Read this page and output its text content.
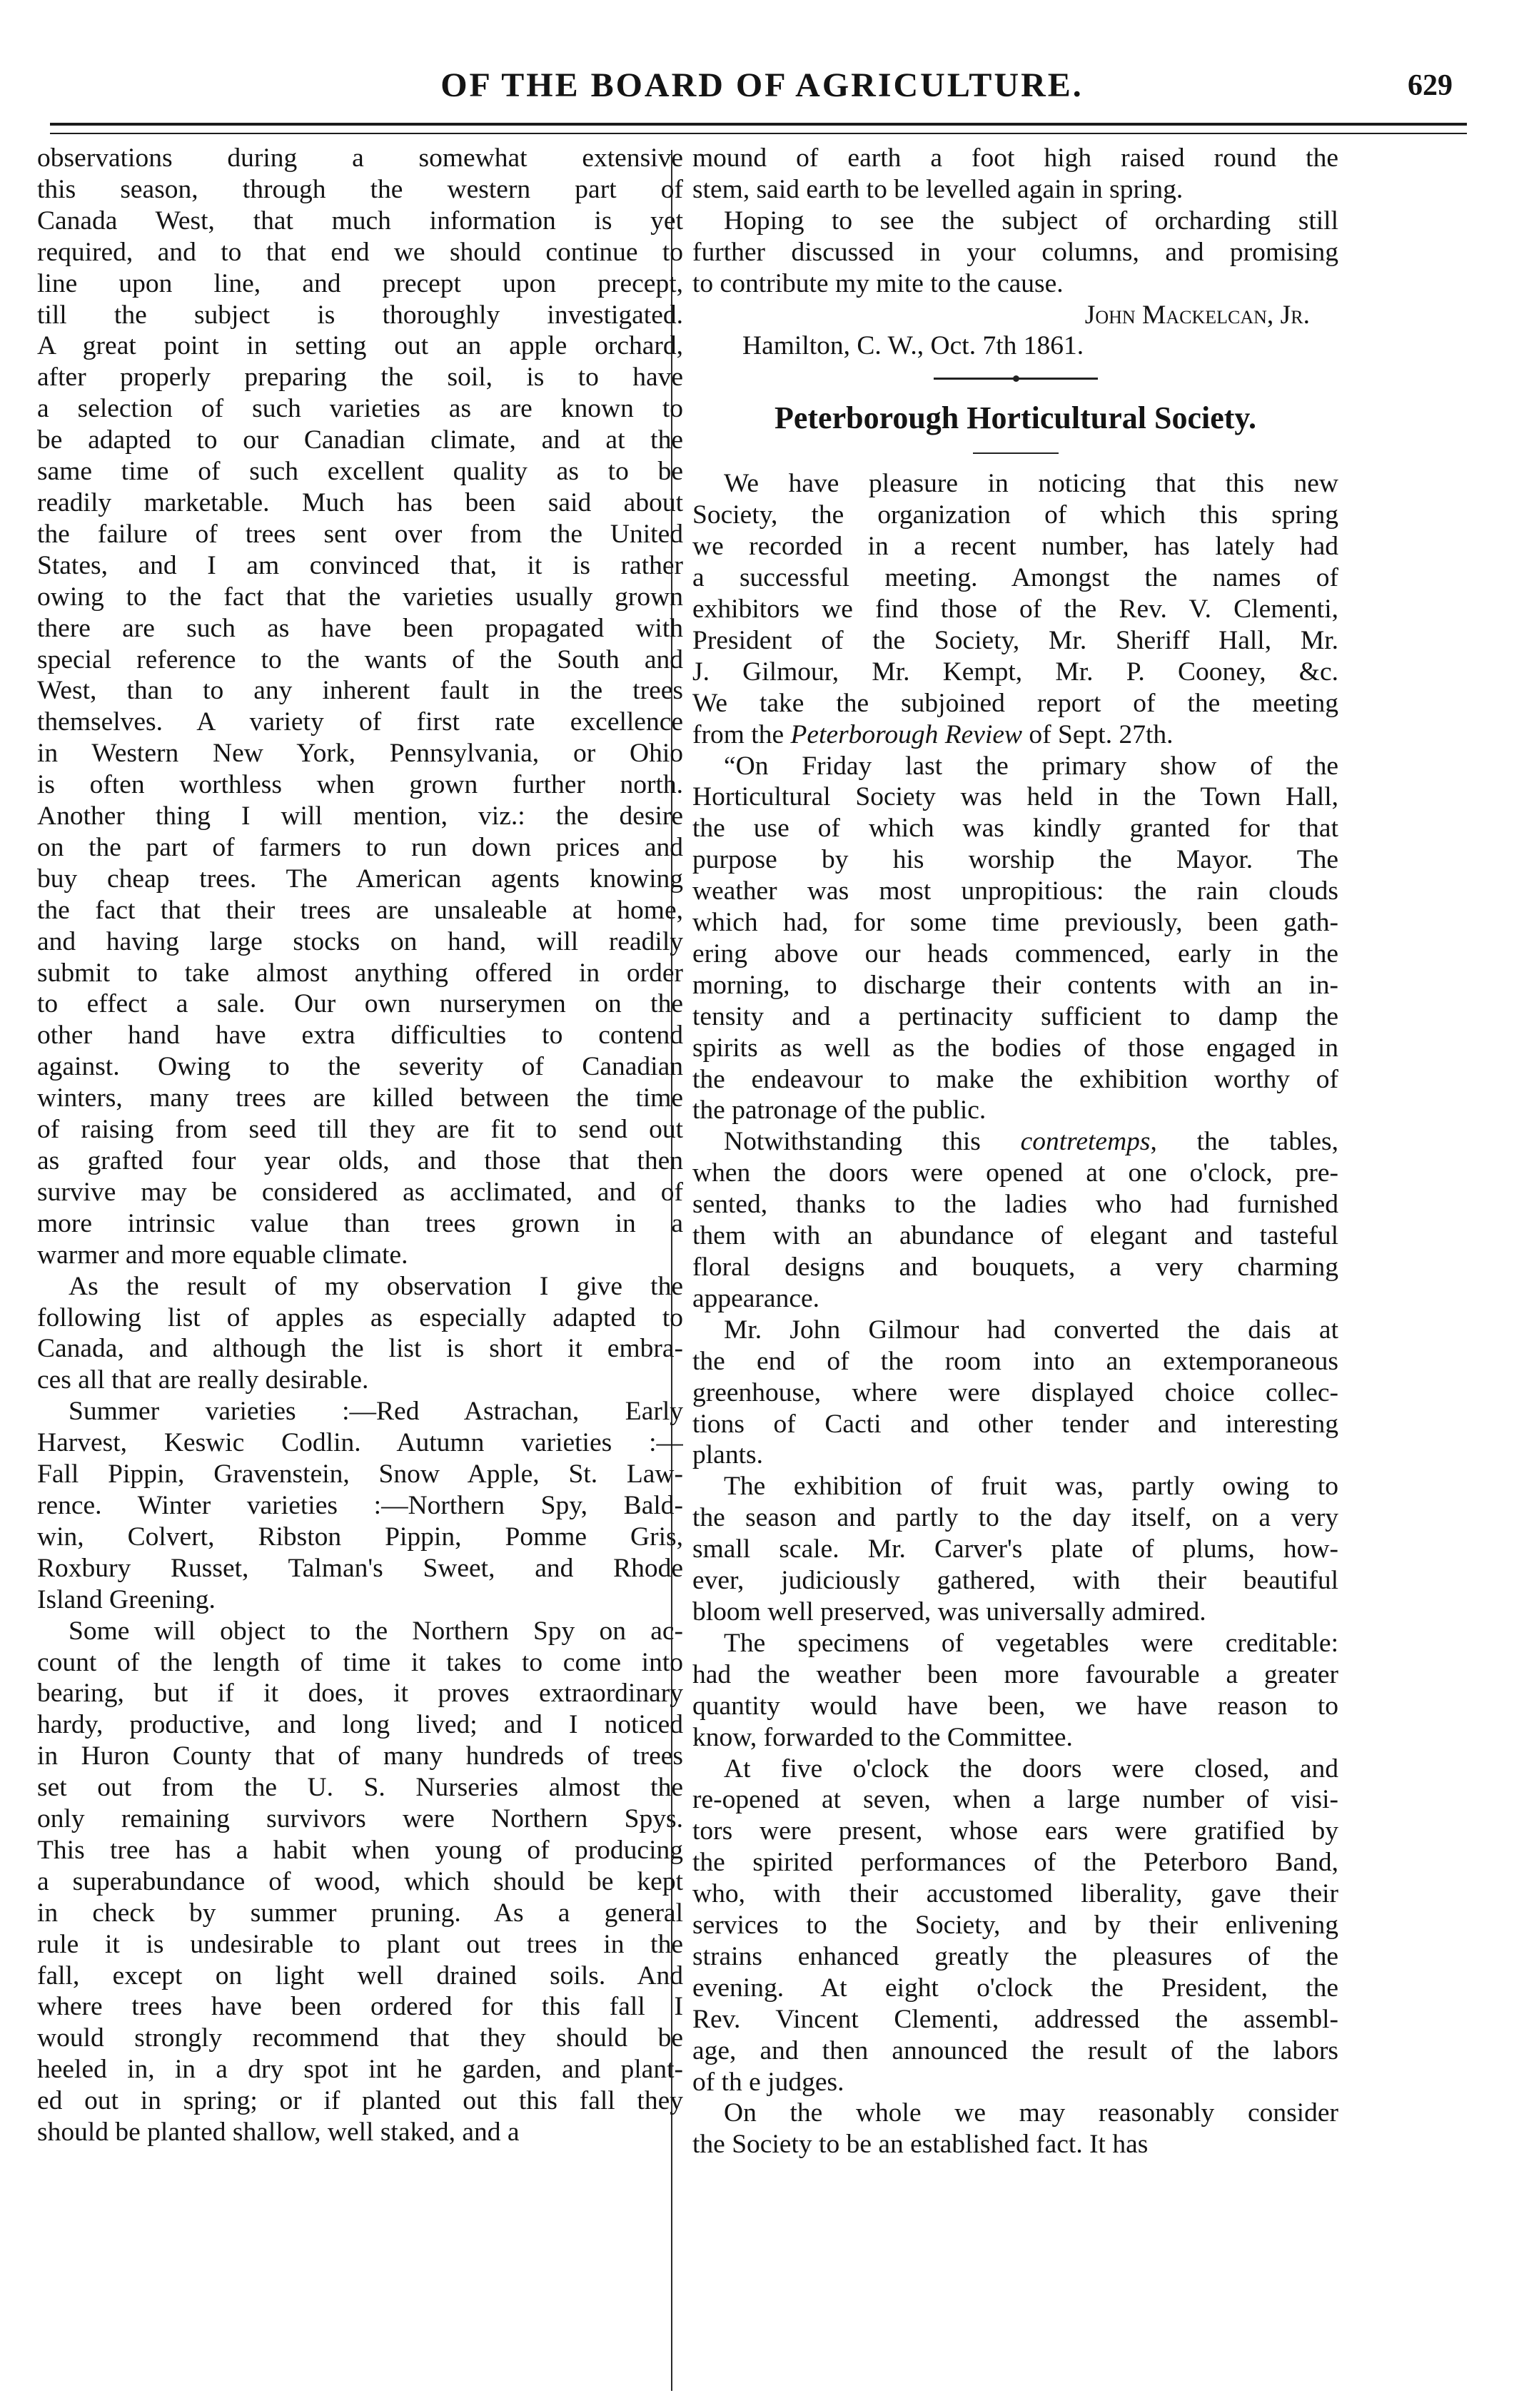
OF THE BOARD OF AGRICULTURE.	629
observations during a somewhat extensive
this season, through the western part of
Canada West, that much information is yet
required, and to that end we should continue to
line upon line, and precept upon precept,
till the subject is thoroughly investigated.
A great point in setting out an apple orchard,
after properly preparing the soil, is to have
a selection of such varieties as are known to
be adapted to our Canadian climate, and at the
same time of such excellent quality as to be
readily marketable. Much has been said about
the failure of trees sent over from the United
States, and I am convinced that, it is rather
owing to the fact that the varieties usually grown
there are such as have been propagated with
special reference to the wants of the South and
West, than to any inherent fault in the trees
themselves. A variety of first rate excellence
in Western New York, Pennsylvania, or Ohio
is often worthless when grown further north.
Another thing I will mention, viz.: the desire
on the part of farmers to run down prices and
buy cheap trees. The American agents knowing
the fact that their trees are unsaleable at home,
and having large stocks on hand, will readily
submit to take almost anything offered in order
to effect a sale. Our own nurserymen on the
other hand have extra difficulties to contend
against. Owing to the severity of Canadian
winters, many trees are killed between the time
of raising from seed till they are fit to send out
as grafted four year olds, and those that then
survive may be considered as acclimated, and of
more intrinsic value than trees grown in a
warmer and more equable climate.
As the result of my observation I give the
following list of apples as especially adapted to
Canada, and although the list is short it embra-
ces all that are really desirable.
Summer varieties :—Red Astrachan, Early
Harvest, Keswic Codlin. Autumn varieties :—
Fall Pippin, Gravenstein, Snow Apple, St. Law-
rence. Winter varieties :—Northern Spy, Bald-
win, Colvert, Ribston Pippin, Pomme Gris,
Roxbury Russet, Talman's Sweet, and Rhode
Island Greening.
Some will object to the Northern Spy on ac-
count of the length of time it takes to come into
bearing, but if it does, it proves extraordinary
hardy, productive, and long lived; and I noticed
in Huron County that of many hundreds of trees
set out from the U. S. Nurseries almost the
only remaining survivors were Northern Spys.
This tree has a habit when young of producing
a superabundance of wood, which should be kept
in check by summer pruning. As a general
rule it is undesirable to plant out trees in the
fall, except on light well drained soils. And
where trees have been ordered for this fall I
would strongly recommend that they should be
heeled in, in a dry spot int he garden, and plant-
ed out in spring; or if planted out this fall they
should be planted shallow, well staked, and a
mound of earth a foot high raised round the
stem, said earth to be levelled again in spring.
Hoping to see the subject of orcharding still
further discussed in your columns, and promising
to contribute my mite to the cause.
John Mackelcan, Jr.
Hamilton, C. W., Oct. 7th 1861.
Peterborough Horticultural Society.
We have pleasure in noticing that this new
Society, the organization of which this spring
we recorded in a recent number, has lately had
a successful meeting. Amongst the names of
exhibitors we find those of the Rev. V. Clementi,
President of the Society, Mr. Sheriff Hall, Mr.
J. Gilmour, Mr. Kempt, Mr. P. Cooney, &c.
We take the subjoined report of the meeting
from the Peterborough Review of Sept. 27th.
“On Friday last the primary show of the
Horticultural Society was held in the Town Hall,
the use of which was kindly granted for that
purpose by his worship the Mayor. The
weather was most unpropitious: the rain clouds
which had, for some time previously, been gath-
ering above our heads commenced, early in the
morning, to discharge their contents with an in-
tensity and a pertinacity sufficient to damp the
spirits as well as the bodies of those engaged in
the endeavour to make the exhibition worthy of
the patronage of the public.
Notwithstanding this contretemps, the tables,
when the doors were opened at one o'clock, pre-
sented, thanks to the ladies who had furnished
them with an abundance of elegant and tasteful
floral designs and bouquets, a very charming
appearance.
Mr. John Gilmour had converted the dais at
the end of the room into an extemporaneous
greenhouse, where were displayed choice collec-
tions of Cacti and other tender and interesting
plants.
The exhibition of fruit was, partly owing to
the season and partly to the day itself, on a very
small scale. Mr. Carver's plate of plums, how-
ever, judiciously gathered, with their beautiful
bloom well preserved, was universally admired.
The specimens of vegetables were creditable:
had the weather been more favourable a greater
quantity would have been, we have reason to
know, forwarded to the Committee.
At five o'clock the doors were closed, and
re-opened at seven, when a large number of visi-
tors were present, whose ears were gratified by
the spirited performances of the Peterboro Band,
who, with their accustomed liberality, gave their
services to the Society, and by their enlivening
strains enhanced greatly the pleasures of the
evening. At eight o'clock the President, the
Rev. Vincent Clementi, addressed the assembl-
age, and then announced the result of the labors
of th e judges.
On the whole we may reasonably consider
the Society to be an established fact. It has
